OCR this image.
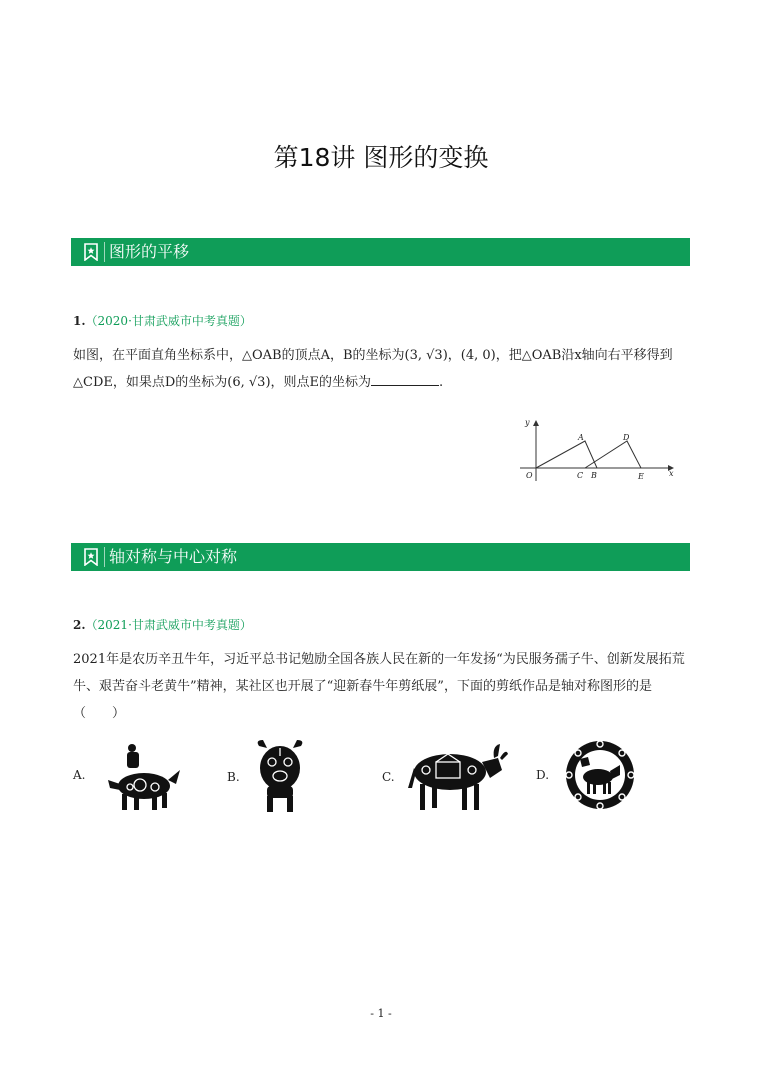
第18讲 图形的变换
图形的平移
1.（2020·甘肃武威市中考真题）
如图，在平面直角坐标系中，△OAB的顶点A，B的坐标为(3, √3)，(4, 0)，把△OAB沿x轴向右平移得到
△CDE，如果点D的坐标为(6, √3)，则点E的坐标为	.
y
x
O
A	D
C B	E
轴对称与中心对称
2.（2021·甘肃武威市中考真题）
2021年是农历辛丑牛年，习近平总书记勉励全国各族人民在新的一年发扬“为民服务孺子牛、创新发展拓荒
牛、艰苦奋斗老黄牛”精神，某社区也开展了“迎新春牛年剪纸展”，下面的剪纸作品是轴对称图形的是
（　　）
A.	B.	C.	D.
- 1 -
